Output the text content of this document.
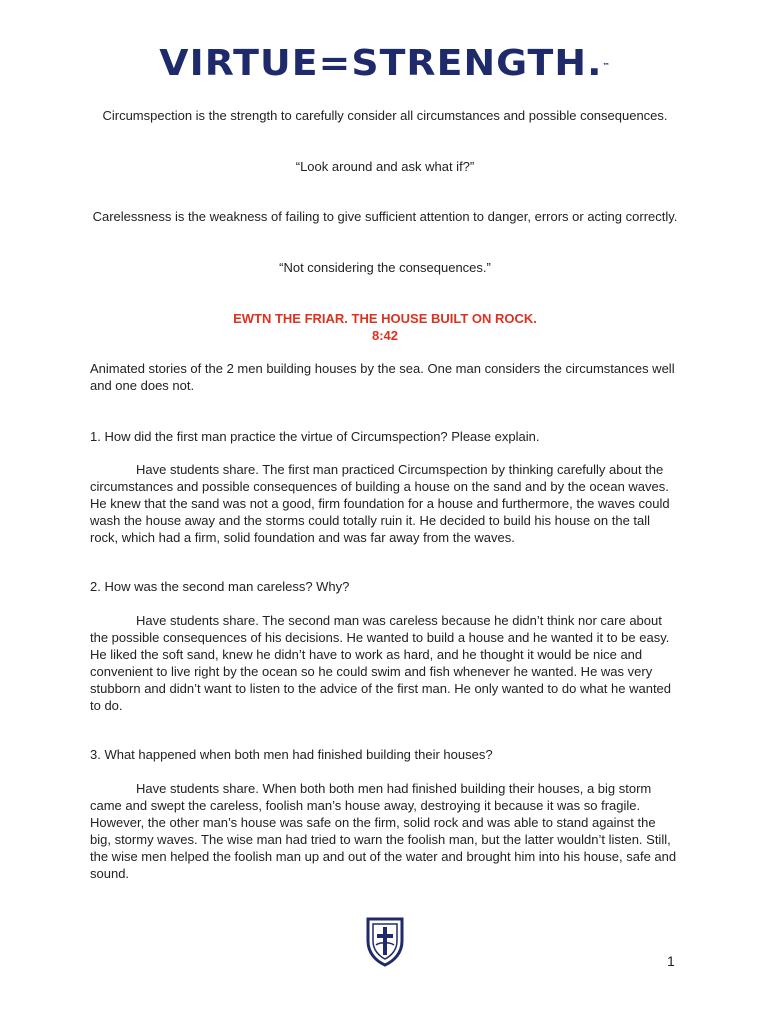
VIRTUE=STRENGTH.™
Circumspection is the strength to carefully consider all circumstances and possible consequences.
“Look around and ask what if?”
Carelessness is the weakness of failing to give sufficient attention to danger, errors or acting correctly.
“Not considering the consequences.”
EWTN THE FRIAR. THE HOUSE BUILT ON ROCK.
8:42
Animated stories of the 2 men building houses by the sea. One man considers the circumstances well and one does not.
1. How did the first man practice the virtue of Circumspection? Please explain.
Have students share. The first man practiced Circumspection by thinking carefully about the circumstances and possible consequences of building a house on the sand and by the ocean waves. He knew that the sand was not a good, firm foundation for a house and furthermore, the waves could wash the house away and the storms could totally ruin it. He decided to build his house on the tall rock, which had a firm, solid foundation and was far away from the waves.
2. How was the second man careless? Why?
Have students share. The second man was careless because he didn’t think nor care about the possible consequences of his decisions. He wanted to build a house and he wanted it to be easy. He liked the soft sand, knew he didn’t have to work as hard, and he thought it would be nice and convenient to live right by the ocean so he could swim and fish whenever he wanted. He was very stubborn and didn’t want to listen to the advice of the first man. He only wanted to do what he wanted to do.
3. What happened when both men had finished building their houses?
Have students share. When both both men had finished building their houses, a big storm came and swept the careless, foolish man’s house away, destroying it because it was so fragile. However, the other man’s house was safe on the firm, solid rock and was able to stand against the big, stormy waves. The wise man had tried to warn the foolish man, but the latter wouldn’t listen. Still, the wise men helped the foolish man up and out of the water and brought him into his house, safe and sound.
1
